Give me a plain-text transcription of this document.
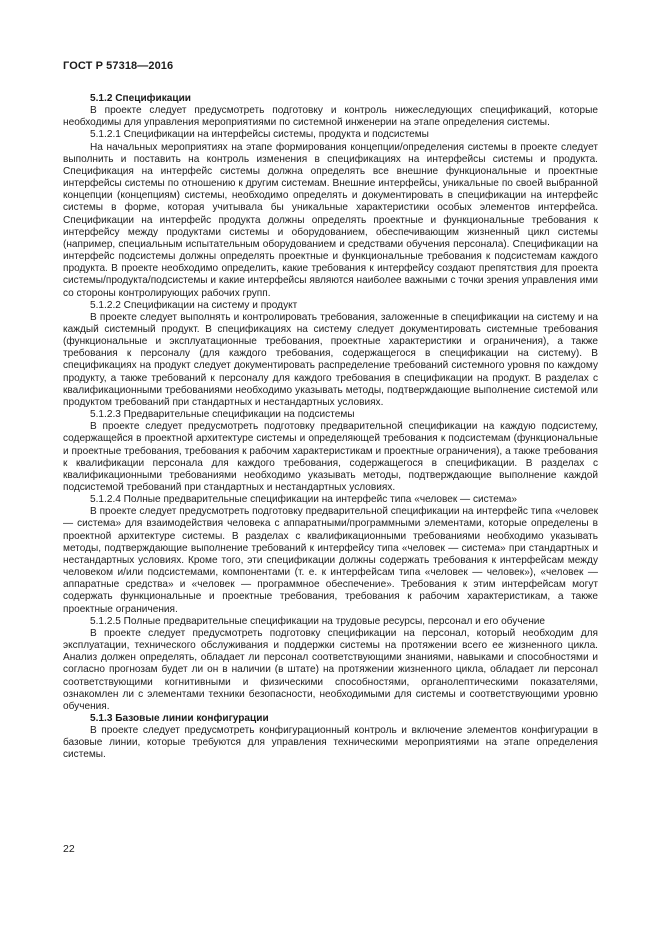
ГОСТ Р 57318—2016

5.1.2 Спецификации

В проекте следует предусмотреть подготовку и контроль нижеследующих спецификаций, которые необходимы для управления мероприятиями по системной инженерии на этапе определения системы.

5.1.2.1 Спецификации на интерфейсы системы, продукта и подсистемы

На начальных мероприятиях на этапе формирования концепции/определения системы в проекте следует выполнить и поставить на контроль изменения в спецификациях на интерфейсы системы и продукта. Спецификация на интерфейс системы должна определять все внешние функциональные и проектные интерфейсы системы по отношению к другим системам. Внешние интерфейсы, уникальные по своей выбранной концепции (концепциям) системы, необходимо определять и документировать в спецификации на интерфейс системы в форме, которая учитывала бы уникальные характеристики особых элементов интерфейса. Спецификации на интерфейс продукта должны определять проектные и функциональные требования к интерфейсу между продуктами системы и оборудованием, обеспечивающим жизненный цикл системы (например, специальным испытательным оборудованием и средствами обучения персонала). Спецификации на интерфейс подсистемы должны определять проектные и функциональные требования к подсистемам каждого продукта. В проекте необходимо определить, какие требования к интерфейсу создают препятствия для проекта системы/продукта/подсистемы и какие интерфейсы являются наиболее важными с точки зрения управления ими со стороны контролирующих рабочих групп.

5.1.2.2 Спецификации на систему и продукт

В проекте следует выполнять и контролировать требования, заложенные в спецификации на систему и на каждый системный продукт. В спецификациях на систему следует документировать системные требования (функциональные и эксплуатационные требования, проектные характеристики и ограничения), а также требования к персоналу (для каждого требования, содержащегося в спецификации на систему). В спецификациях на продукт следует документировать распределение требований системного уровня по каждому продукту, а также требований к персоналу для каждого требования в спецификации на продукт. В разделах с квалификационными требованиями необходимо указывать методы, подтверждающие выполнение системой или продуктом требований при стандартных и нестандартных условиях.

5.1.2.3 Предварительные спецификации на подсистемы

В проекте следует предусмотреть подготовку предварительной спецификации на каждую подсистему, содержащейся в проектной архитектуре системы и определяющей требования к подсистемам (функциональные и проектные требования, требования к рабочим характеристикам и проектные ограничения), а также требования к квалификации персонала для каждого требования, содержащегося в спецификации. В разделах с квалификационными требованиями необходимо указывать методы, подтверждающие выполнение каждой подсистемой требований при стандартных и нестандартных условиях.

5.1.2.4 Полные предварительные спецификации на интерфейс типа «человек — система»

В проекте следует предусмотреть подготовку предварительной спецификации на интерфейс типа «человек — система» для взаимодействия человека с аппаратными/программными элементами, которые определены в проектной архитектуре системы. В разделах с квалификационными требованиями необходимо указывать методы, подтверждающие выполнение требований к интерфейсу типа «человек — система» при стандартных и нестандартных условиях. Кроме того, эти спецификации должны содержать требования к интерфейсам между человеком и/или подсистемами, компонентами (т. е. к интерфейсам типа «человек — человек»), «человек — аппаратные средства» и «человек — программное обеспечение». Требования к этим интерфейсам могут содержать функциональные и проектные требования, требования к рабочим характеристикам, а также проектные ограничения.

5.1.2.5 Полные предварительные спецификации на трудовые ресурсы, персонал и его обучение

В проекте следует предусмотреть подготовку спецификации на персонал, который необходим для эксплуатации, технического обслуживания и поддержки системы на протяжении всего ее жизненного цикла. Анализ должен определять, обладает ли персонал соответствующими знаниями, навыками и способностями и согласно прогнозам будет ли он в наличии (в штате) на протяжении жизненного цикла, обладает ли персонал соответствующими когнитивными и физическими способностями, органолептическими показателями, ознакомлен ли с элементами техники безопасности, необходимыми для системы и соответствующими уровню обучения.

5.1.3 Базовые линии конфигурации

В проекте следует предусмотреть конфигурационный контроль и включение элементов конфигурации в базовые линии, которые требуются для управления техническими мероприятиями на этапе определения системы.

22
